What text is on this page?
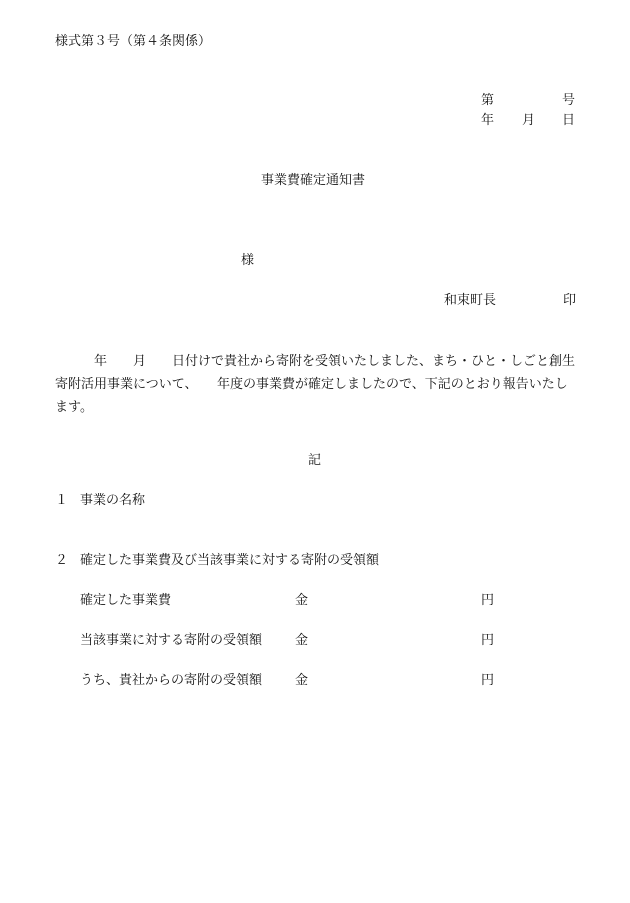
様式第３号（第４条関係）
第	号
年 月 日
事業費確定通知書
様
和束町長	印
　　　年　　月　　日付けで貴社から寄附を受領いたしました、まち・ひと・しごと創生寄附活用事業について、　　年度の事業費が確定しましたので、下記のとおり報告いたします。
記
１ 事業の名称
２ 確定した事業費及び当該事業に対する寄附の受領額
確定した事業費	金	円
当該事業に対する寄附の受領額	金	円
うち、貴社からの寄附の受領額	金	円
